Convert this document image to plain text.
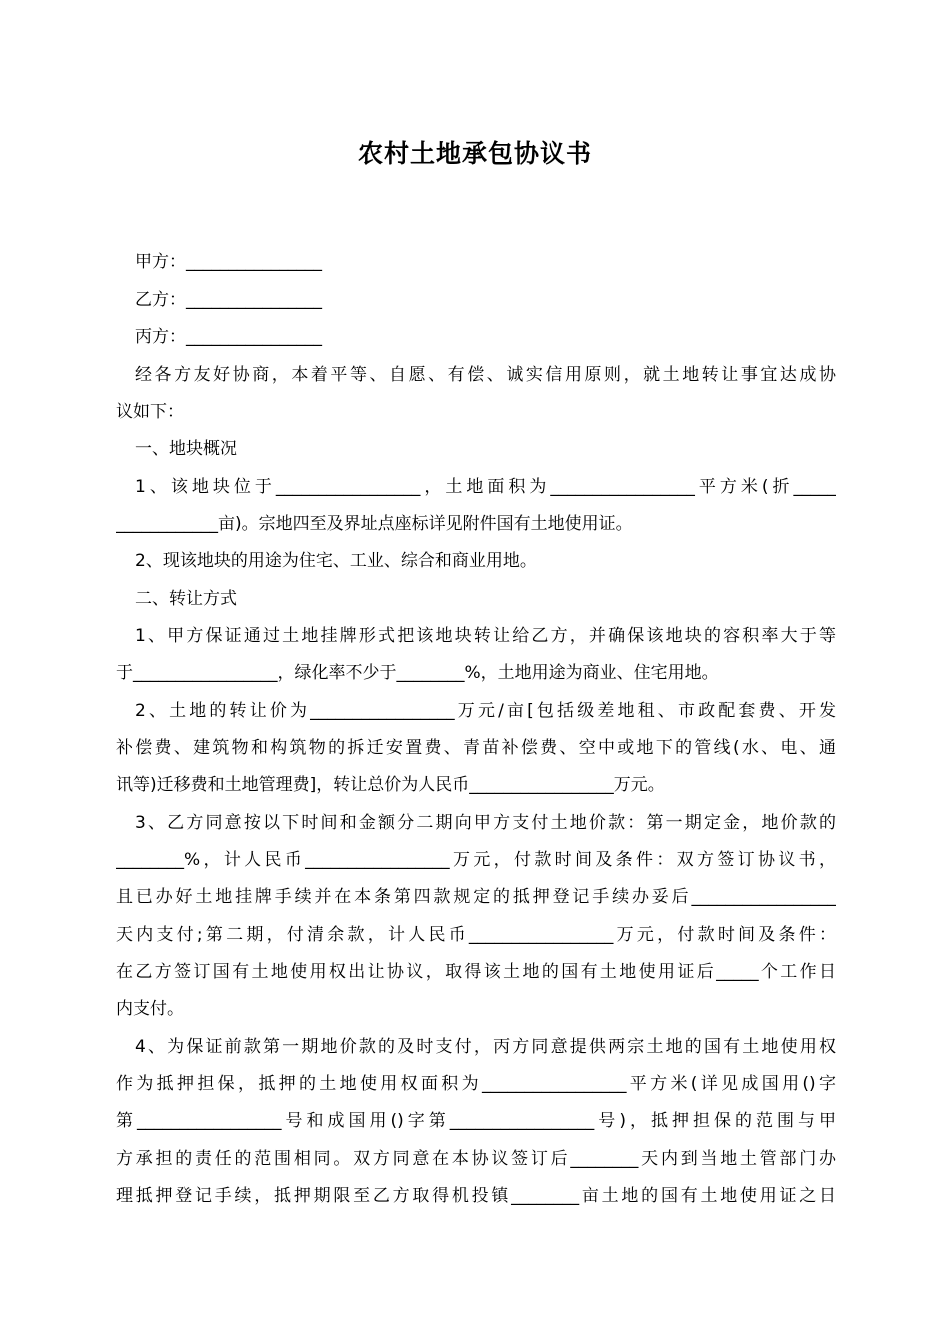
农村土地承包协议书
甲方：________________
乙方：________________
丙方：________________
经各方友好协商，本着平等、自愿、有偿、诚实信用原则，就土地转让事宜达成协
议如下：
一、地块概况
1、该地块位于_________________，土地面积为_________________平方米(折_____
____________亩)。宗地四至及界址点座标详见附件国有土地使用证。
2、现该地块的用途为住宅、工业、综合和商业用地。
二、转让方式
1、甲方保证通过土地挂牌形式把该地块转让给乙方，并确保该地块的容积率大于等
于_________________，绿化率不少于________%，土地用途为商业、住宅用地。
2、土地的转让价为_________________万元/亩[包括级差地租、市政配套费、开发
补偿费、建筑物和构筑物的拆迁安置费、青苗补偿费、空中或地下的管线(水、电、通
讯等)迁移费和土地管理费]，转让总价为人民币_________________万元。
3、乙方同意按以下时间和金额分二期向甲方支付土地价款：第一期定金，地价款的
________%，计人民币_________________万元，付款时间及条件：双方签订协议书，
且已办好土地挂牌手续并在本条第四款规定的抵押登记手续办妥后_________________
天内支付;第二期，付清余款，计人民币_________________万元，付款时间及条件：
在乙方签订国有土地使用权出让协议，取得该土地的国有土地使用证后_____个工作日
内支付。
4、为保证前款第一期地价款的及时支付，丙方同意提供两宗土地的国有土地使用权
作为抵押担保，抵押的土地使用权面积为_________________平方米(详见成国用()字
第_________________号和成国用()字第_________________号)，抵押担保的范围与甲
方承担的责任的范围相同。双方同意在本协议签订后________天内到当地土管部门办
理抵押登记手续，抵押期限至乙方取得机投镇________亩土地的国有土地使用证之日
